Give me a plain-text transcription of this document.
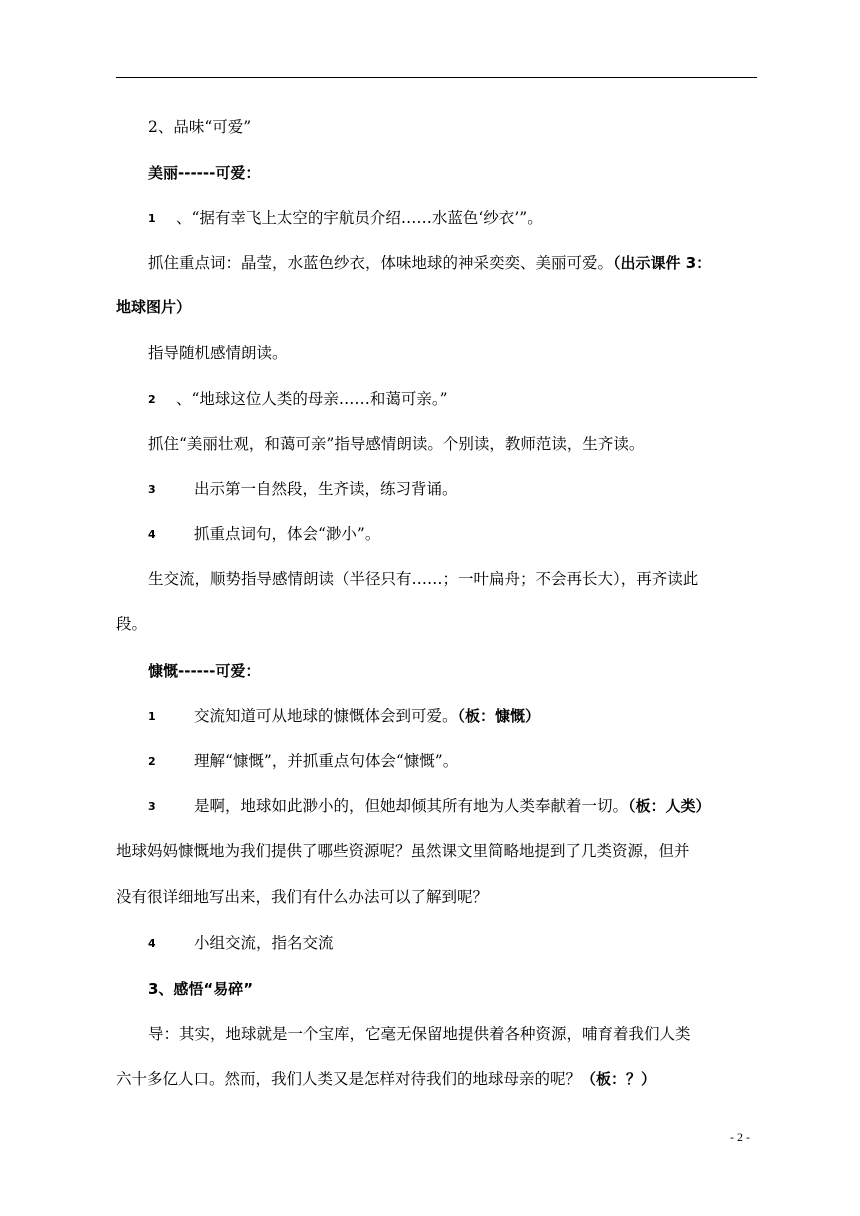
2、品味“可爱”
美丽------可爱：
1 、“据有幸飞上太空的宇航员介绍……水蓝色‘纱衣’”。
抓住重点词：晶莹，水蓝色纱衣，体味地球的神采奕奕、美丽可爱。（出示课件 3：
地球图片）
指导随机感情朗读。
2 、“地球这位人类的母亲……和蔼可亲。”
抓住“美丽壮观，和蔼可亲”指导感情朗读。个别读，教师范读，生齐读。
3 出示第一自然段，生齐读，练习背诵。
4 抓重点词句，体会“渺小”。
生交流，顺势指导感情朗读（半径只有……；一叶扁舟；不会再长大），再齐读此
段。
慷慨------可爱：
1 交流知道可从地球的慷慨体会到可爱。（板：慷慨）
2 理解“慷慨”，并抓重点句体会“慷慨”。
3 是啊，地球如此渺小的，但她却倾其所有地为人类奉献着一切。（板：人类）
地球妈妈慷慨地为我们提供了哪些资源呢？虽然课文里简略地提到了几类资源，但并
没有很详细地写出来，我们有什么办法可以了解到呢？
4 小组交流，指名交流
3、感悟“易碎”
导：其实，地球就是一个宝库，它毫无保留地提供着各种资源，哺育着我们人类
六十多亿人口。然而，我们人类又是怎样对待我们的地球母亲的呢？（板：？）
- 2 -
